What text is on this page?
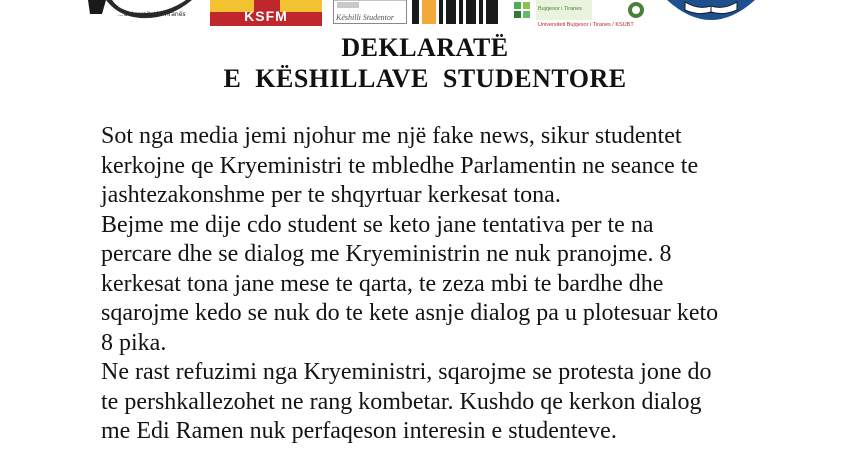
...Universiteti i Tiranës	KSFM	Këshilli Studentor
Bujqesor i Tiranes
Universiteti Bujqesor i Tiranes / KSUBT
DEKLARATË
E  KËSHILLAVE  STUDENTORE
Sot nga media jemi njohur me një fake news, sikur studentet
kerkojne qe Kryeministri te mbledhe Parlamentin ne seance te
jashtezakonshme per te shqyrtuar kerkesat tona.
Bejme me dije cdo student se keto jane tentativa per te na
percare dhe se dialog me Kryeministrin ne nuk pranojme. 8
kerkesat tona jane mese te qarta, te zeza mbi te bardhe dhe
sqarojme kedo se nuk do te kete asnje dialog pa u plotesuar keto
8 pika.
Ne rast refuzimi nga Kryeministri, sqarojme se protesta jone do
te pershkallezohet ne rang kombetar. Kushdo qe kerkon dialog
me Edi Ramen nuk perfaqeson interesin e studenteve.
